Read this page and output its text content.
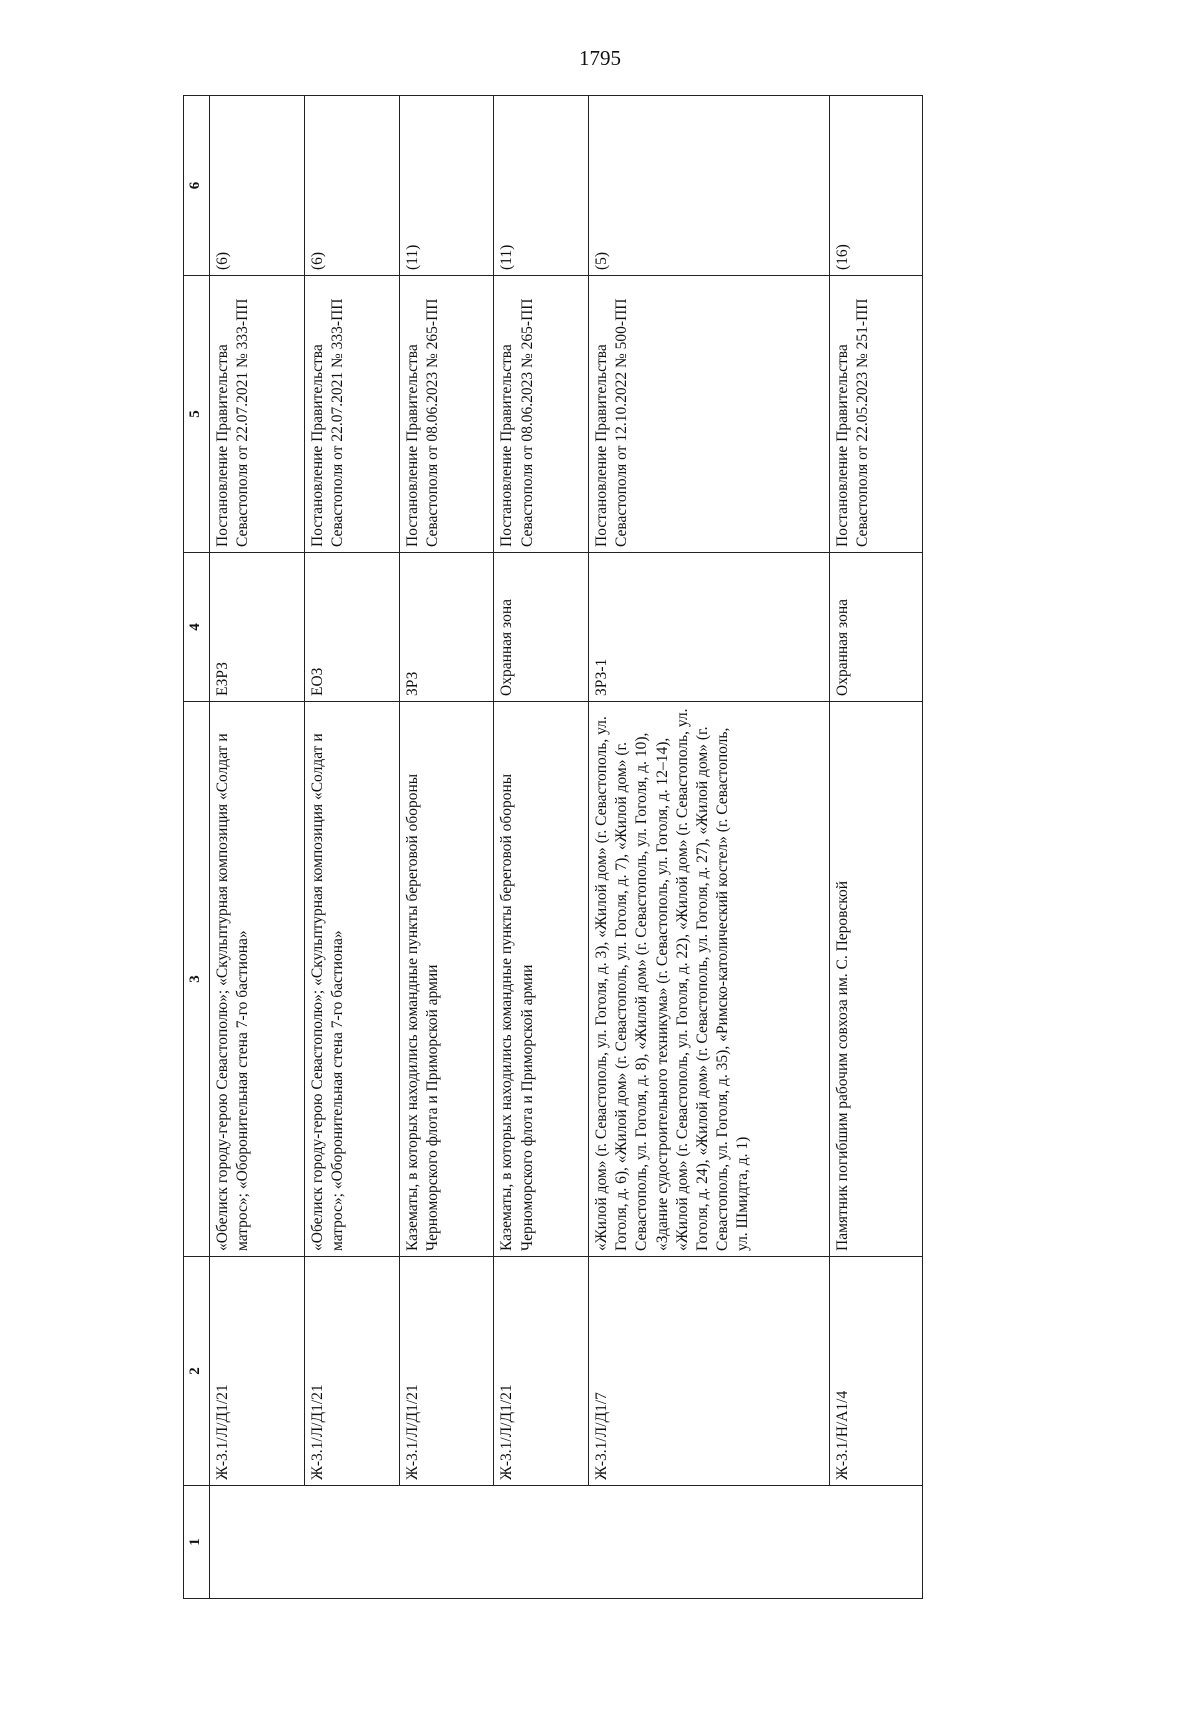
1795
1	2	3	4	5	6
	Ж-3.1/Л/Д1/21	«Обелиск городу-герою Севастополю»; «Скульптурная композиция «Солдат и матрос»; «Оборонительная стена 7-го бастиона»	ЕЗРЗ	Постановление Правительства Севастополя от 22.07.2021 № 333-ПП	(6)
	Ж-3.1/Л/Д1/21	«Обелиск городу-герою Севастополю»; «Скульптурная композиция «Солдат и матрос»; «Оборонительная стена 7-го бастиона»	ЕОЗ	Постановление Правительства Севастополя от 22.07.2021 № 333-ПП	(6)
	Ж-3.1/Л/Д1/21	Казематы, в которых находились командные пункты береговой обороны Черноморского флота и Приморской армии	ЗРЗ	Постановление Правительства Севастополя от 08.06.2023 № 265-ПП	(11)
	Ж-3.1/Л/Д1/21	Казематы, в которых находились командные пункты береговой обороны Черноморского флота и Приморской армии	Охранная зона	Постановление Правительства Севастополя от 08.06.2023 № 265-ПП	(11)
	Ж-3.1/Л/Д1/7	«Жилой дом» (г. Севастополь, ул. Гоголя, д. 3), «Жилой дом» (г. Севастополь, ул. Гоголя, д. 6), «Жилой дом» (г. Севастополь, ул. Гоголя, д. 7), «Жилой дом» (г. Севастополь, ул. Гоголя, д. 8), «Жилой дом» (г. Севастополь, ул. Гоголя, д. 10), «Здание судостроительного техникума» (г. Севастополь, ул. Гоголя, д. 12–14), «Жилой дом» (г. Севастополь, ул. Гоголя, д. 22), «Жилой дом» (г. Севастополь, ул. Гоголя, д. 24), «Жилой дом» (г. Севастополь, ул. Гоголя, д. 27), «Жилой дом» (г. Севастополь, ул. Гоголя, д. 35), «Римско-католический костел» (г. Севастополь, ул. Шмидта, д. 1)	ЗРЗ-1	Постановление Правительства Севастополя от 12.10.2022 № 500-ПП	(5)
	Ж-3.1/Н/А1/4	Памятник погибшим рабочим совхоза им. С. Перовской	Охранная зона	Постановление Правительства Севастополя от 22.05.2023 № 251-ПП	(16)
